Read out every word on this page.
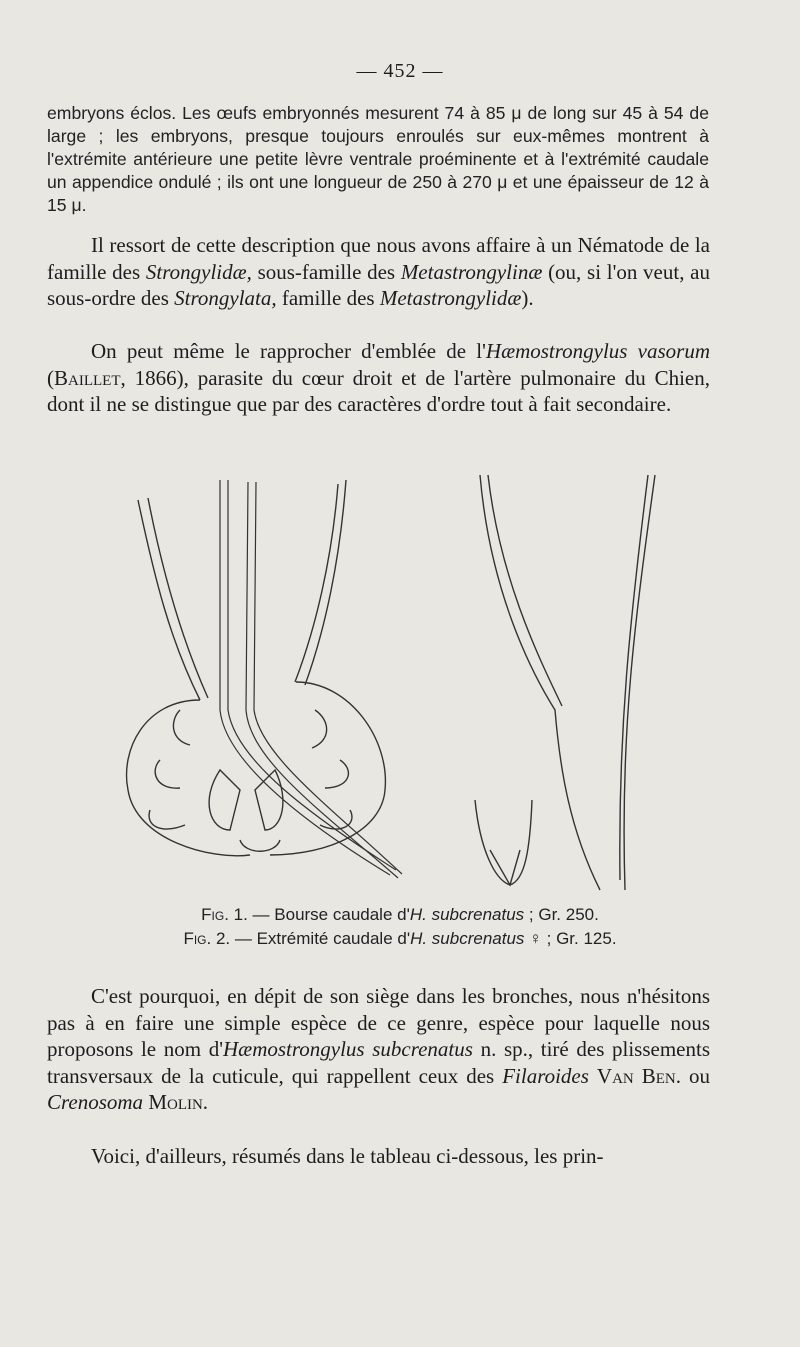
— 452 —
embryons éclos. Les œufs embryonnés mesurent 74 à 85 μ de long sur 45 à 54 de large ; les embryons, presque toujours enroulés sur eux-mêmes montrent à l'extrémite antérieure une petite lèvre ventrale proéminente et à l'extrémité caudale un appendice ondulé ; ils ont une longueur de 250 à 270 μ et une épaisseur de 12 à 15 μ.
Il ressort de cette description que nous avons affaire à un Nématode de la famille des Strongylidæ, sous-famille des Metastrongylinæ (ou, si l'on veut, au sous-ordre des Strongylata, famille des Metastrongylidæ).
On peut même le rapprocher d'emblée de l'Hæmostrongylus vasorum (Baillet, 1866), parasite du cœur droit et de l'artère pulmonaire du Chien, dont il ne se distingue que par des caractères d'ordre tout à fait secondaire.
Fig. 1. — Bourse caudale d'H. subcrenatus ; Gr. 250.
Fig. 2. — Extrémité caudale d'H. subcrenatus ♀ ; Gr. 125.
C'est pourquoi, en dépit de son siège dans les bronches, nous n'hésitons pas à en faire une simple espèce de ce genre, espèce pour laquelle nous proposons le nom d'Hæmostrongylus subcrenatus n. sp., tiré des plissements transversaux de la cuticule, qui rappellent ceux des Filaroides Van Ben. ou Crenosoma Molin.
Voici, d'ailleurs, résumés dans le tableau ci-dessous, les prin-
